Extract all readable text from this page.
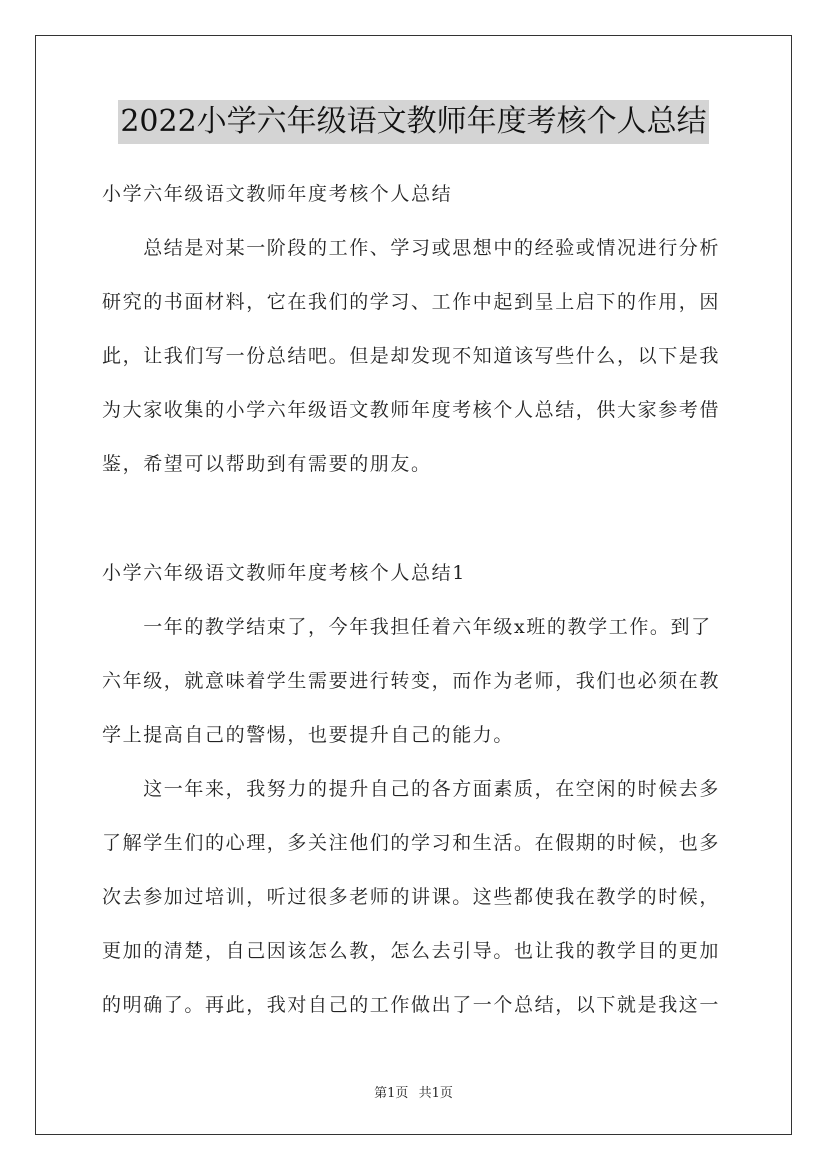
2022小学六年级语文教师年度考核个人总结
小学六年级语文教师年度考核个人总结
　　总结是对某一阶段的工作、学习或思想中的经验或情况进行分析
研究的书面材料，它在我们的学习、工作中起到呈上启下的作用，因
此，让我们写一份总结吧。但是却发现不知道该写些什么，以下是我
为大家收集的小学六年级语文教师年度考核个人总结，供大家参考借
鉴，希望可以帮助到有需要的朋友。
小学六年级语文教师年度考核个人总结1
　　一年的教学结束了，今年我担任着六年级x班的教学工作。到了
六年级，就意味着学生需要进行转变，而作为老师，我们也必须在教
学上提高自己的警惕，也要提升自己的能力。
　　这一年来，我努力的提升自己的各方面素质，在空闲的时候去多
了解学生们的心理，多关注他们的学习和生活。在假期的时候，也多
次去参加过培训，听过很多老师的讲课。这些都使我在教学的时候，
更加的清楚，自己因该怎么教，怎么去引导。也让我的教学目的更加
的明确了。再此，我对自己的工作做出了一个总结，以下就是我这一
第1页 共1页
